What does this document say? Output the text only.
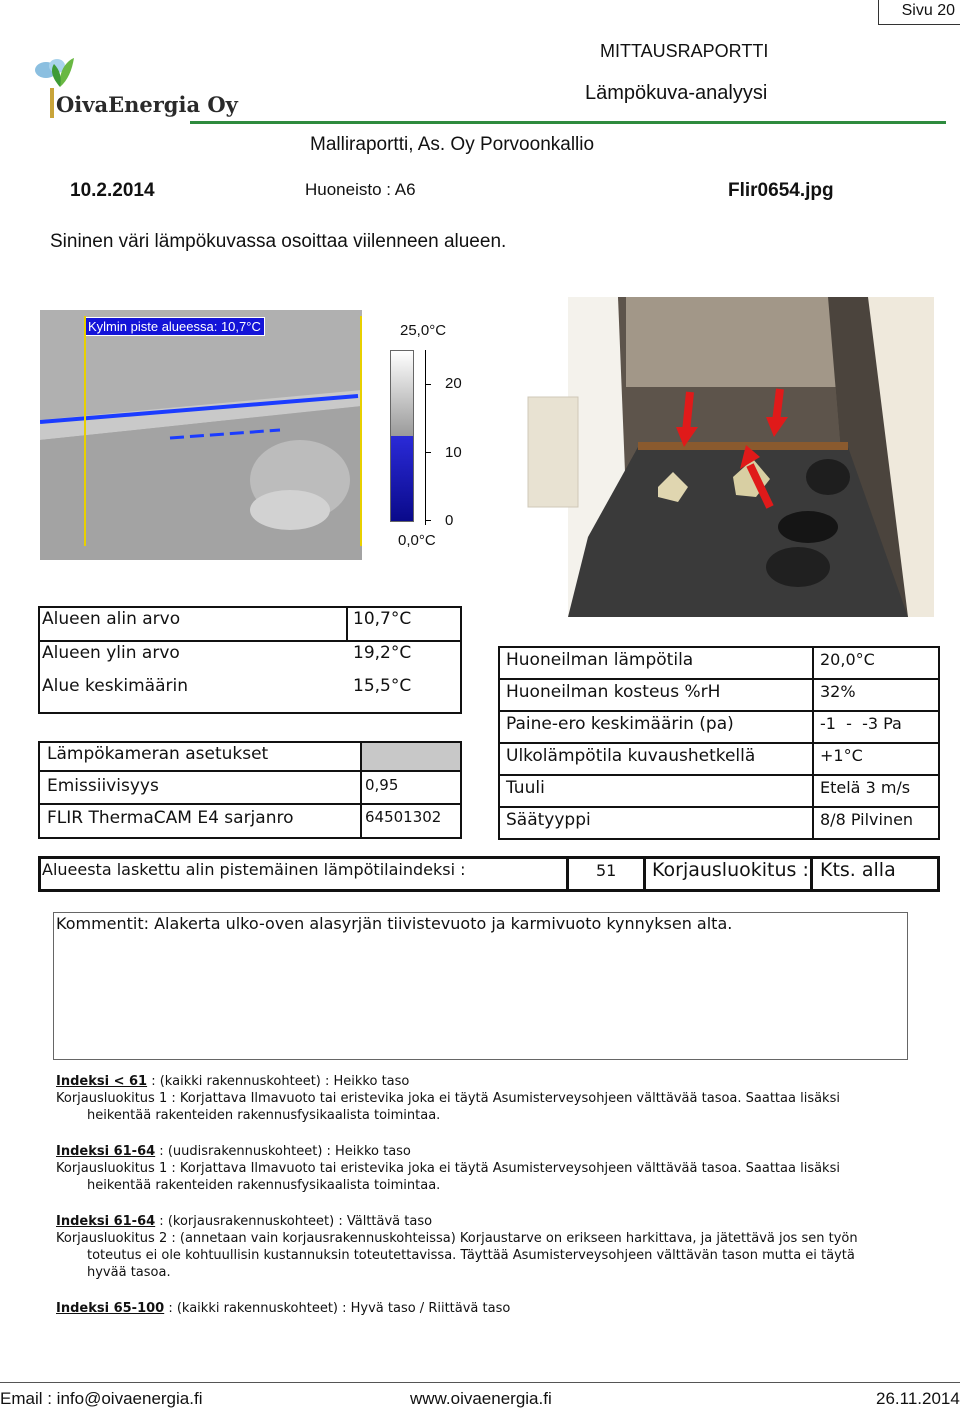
Sivu 20
OivaEnergia Oy
MITTAUSRAPORTTI
Lämpökuva-analyysi
Malliraportti, As. Oy Porvoonkallio
10.2.2014	Huoneisto : A6	Flir0654.jpg
Sininen väri lämpökuvassa osoittaa viilenneen alueen.
Kylmin piste alueessa: 10,7°C	25,0°C
20
10
0
0,0°C
Alueen alin arvo	10,7°C
Alueen ylin arvo	19,2°C
Alue keskimäärin	15,5°C
Lämpökameran asetukset
Emissiivisyys	0,95
FLIR ThermaCAM E4 sarjanro	64501302
Huoneilman lämpötila	20,0°C
Huoneilman kosteus %rH	32%
Paine-ero keskimäärin (pa)	-1  -  -3 Pa
Ulkolämpötila kuvaushetkellä	+1°C
Tuuli	Etelä 3 m/s
Säätyyppi	8/8 Pilvinen
Alueesta laskettu alin pistemäinen lämpötilaindeksi :	51 Korjausluokitus : Kts. alla
Kommentit: Alakerta ulko-oven alasyrjän tiivistevuoto ja karmivuoto kynnyksen alta.
Indeksi < 61 : (kaikki rakennuskohteet) : Heikko taso
Korjausluokitus 1 : Korjattava Ilmavuoto tai eristevika joka ei täytä Asumisterveysohjeen välttävää tasoa. Saattaa lisäksi
heikentää rakenteiden rakennusfysikaalista toimintaa.
Indeksi 61-64 : (uudisrakennuskohteet) : Heikko taso
Korjausluokitus 1 : Korjattava Ilmavuoto tai eristevika joka ei täytä Asumisterveysohjeen välttävää tasoa. Saattaa lisäksi
heikentää rakenteiden rakennusfysikaalista toimintaa.
Indeksi 61-64 : (korjausrakennuskohteet) : Välttävä taso
Korjausluokitus 2 : (annetaan vain korjausrakennuskohteissa) Korjaustarve on erikseen harkittava, ja jätettävä jos sen työn
toteutus ei ole kohtuullisin kustannuksin toteutettavissa. Täyttää Asumisterveysohjeen välttävän tason mutta ei täytä
hyvää tasoa.
Indeksi 65-100 : (kaikki rakennuskohteet) : Hyvä taso / Riittävä taso
Email : info@oivaenergia.fi	www.oivaenergia.fi	26.11.2014
